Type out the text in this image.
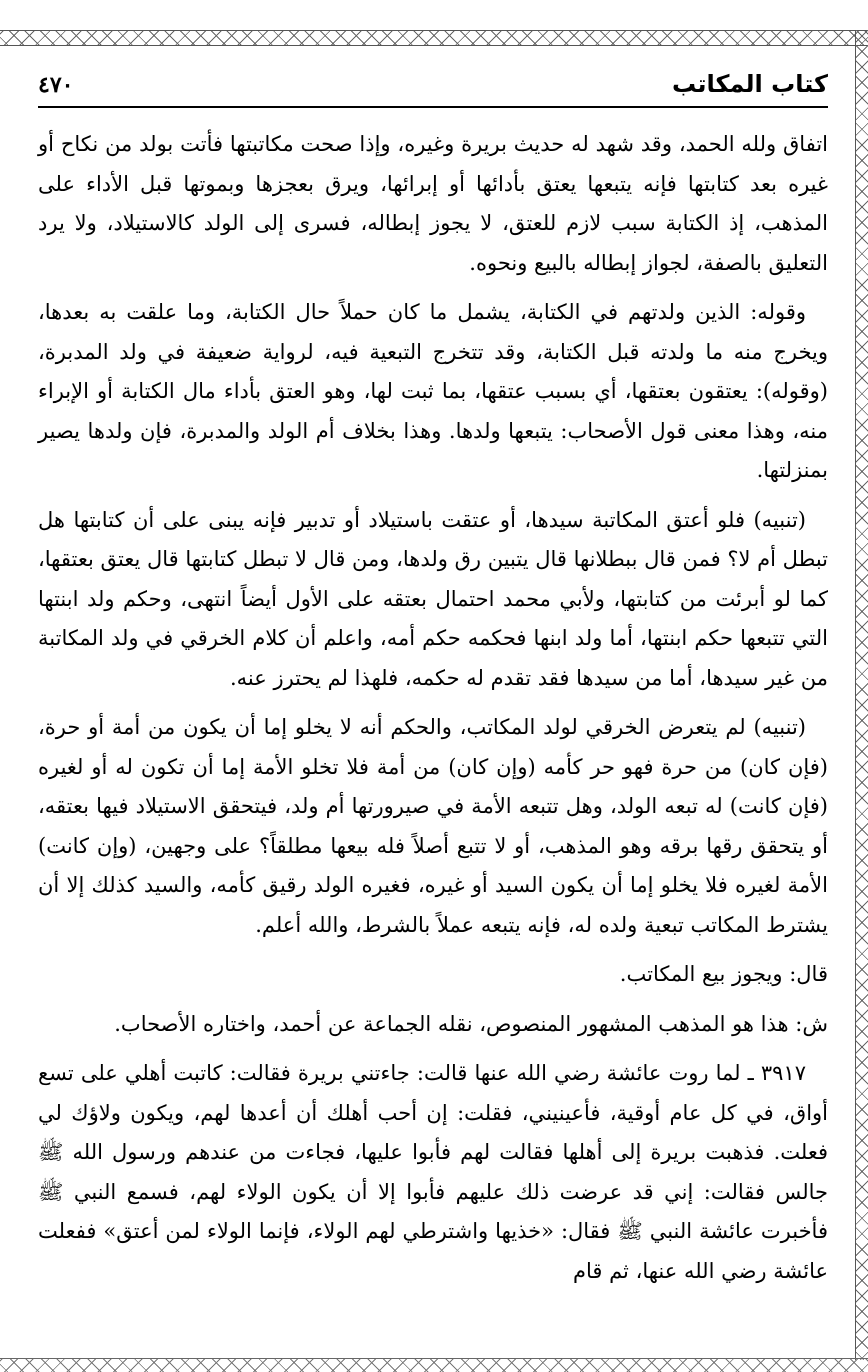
كتاب المكاتب
٤٧٠

اتفاق ولله الحمد، وقد شهد له حديث بريرة وغيره، وإذا صحت مكاتبتها فأتت بولد من نكاح أو غيره بعد كتابتها فإنه يتبعها يعتق بأدائها أو إبرائها، ويرق بعجزها وبموتها قبل الأداء على المذهب، إذ الكتابة سبب لازم للعتق، لا يجوز إبطاله، فسرى إلى الولد كالاستيلاد، ولا يرد التعليق بالصفة، لجواز إبطاله بالبيع ونحوه.

وقوله: الذين ولدتهم في الكتابة، يشمل ما كان حملاً حال الكتابة، وما علقت به بعدها، ويخرج منه ما ولدته قبل الكتابة، وقد تتخرج التبعية فيه، لرواية ضعيفة في ولد المدبرة، (وقوله): يعتقون بعتقها، أي بسبب عتقها، بما ثبت لها، وهو العتق بأداء مال الكتابة أو الإبراء منه، وهذا معنى قول الأصحاب: يتبعها ولدها. وهذا بخلاف أم الولد والمدبرة، فإن ولدها يصير بمنزلتها.

(تنبيه) فلو أعتق المكاتبة سيدها، أو عتقت باستيلاد أو تدبير فإنه يبنى على أن كتابتها هل تبطل أم لا؟ فمن قال ببطلانها قال يتبين رق ولدها، ومن قال لا تبطل كتابتها قال يعتق بعتقها، كما لو أبرئت من كتابتها، ولأبي محمد احتمال بعتقه على الأول أيضاً انتهى، وحكم ولد ابنتها التي تتبعها حكم ابنتها، أما ولد ابنها فحكمه حكم أمه، واعلم أن كلام الخرقي في ولد المكاتبة من غير سيدها، أما من سيدها فقد تقدم له حكمه، فلهذا لم يحترز عنه.

(تنبيه) لم يتعرض الخرقي لولد المكاتب، والحكم أنه لا يخلو إما أن يكون من أمة أو حرة، (فإن كان) من حرة فهو حر كأمه (وإن كان) من أمة فلا تخلو الأمة إما أن تكون له أو لغيره (فإن كانت) له تبعه الولد، وهل تتبعه الأمة في صيرورتها أم ولد، فيتحقق الاستيلاد فيها بعتقه، أو يتحقق رقها برقه وهو المذهب، أو لا تتبع أصلاً فله بيعها مطلقاً؟ على وجهين، (وإن كانت) الأمة لغيره فلا يخلو إما أن يكون السيد أو غيره، فغيره الولد رقيق كأمه، والسيد كذلك إلا أن يشترط المكاتب تبعية ولده له، فإنه يتبعه عملاً بالشرط، والله أعلم.

قال: ويجوز بيع المكاتب.

ش: هذا هو المذهب المشهور المنصوص، نقله الجماعة عن أحمد، واختاره الأصحاب.

٣٩١٧ ـ لما روت عائشة رضي الله عنها قالت: جاءتني بريرة فقالت: كاتبت أهلي على تسع أواق، في كل عام أوقية، فأعينيني، فقلت: إن أحب أهلك أن أعدها لهم، ويكون ولاؤك لي فعلت. فذهبت بريرة إلى أهلها فقالت لهم فأبوا عليها، فجاءت من عندهم ورسول الله ﷺ جالس فقالت: إني قد عرضت ذلك عليهم فأبوا إلا أن يكون الولاء لهم، فسمع النبي ﷺ فأخبرت عائشة النبي ﷺ فقال: «خذيها واشترطي لهم الولاء، فإنما الولاء لمن أعتق» ففعلت عائشة رضي الله عنها، ثم قام
